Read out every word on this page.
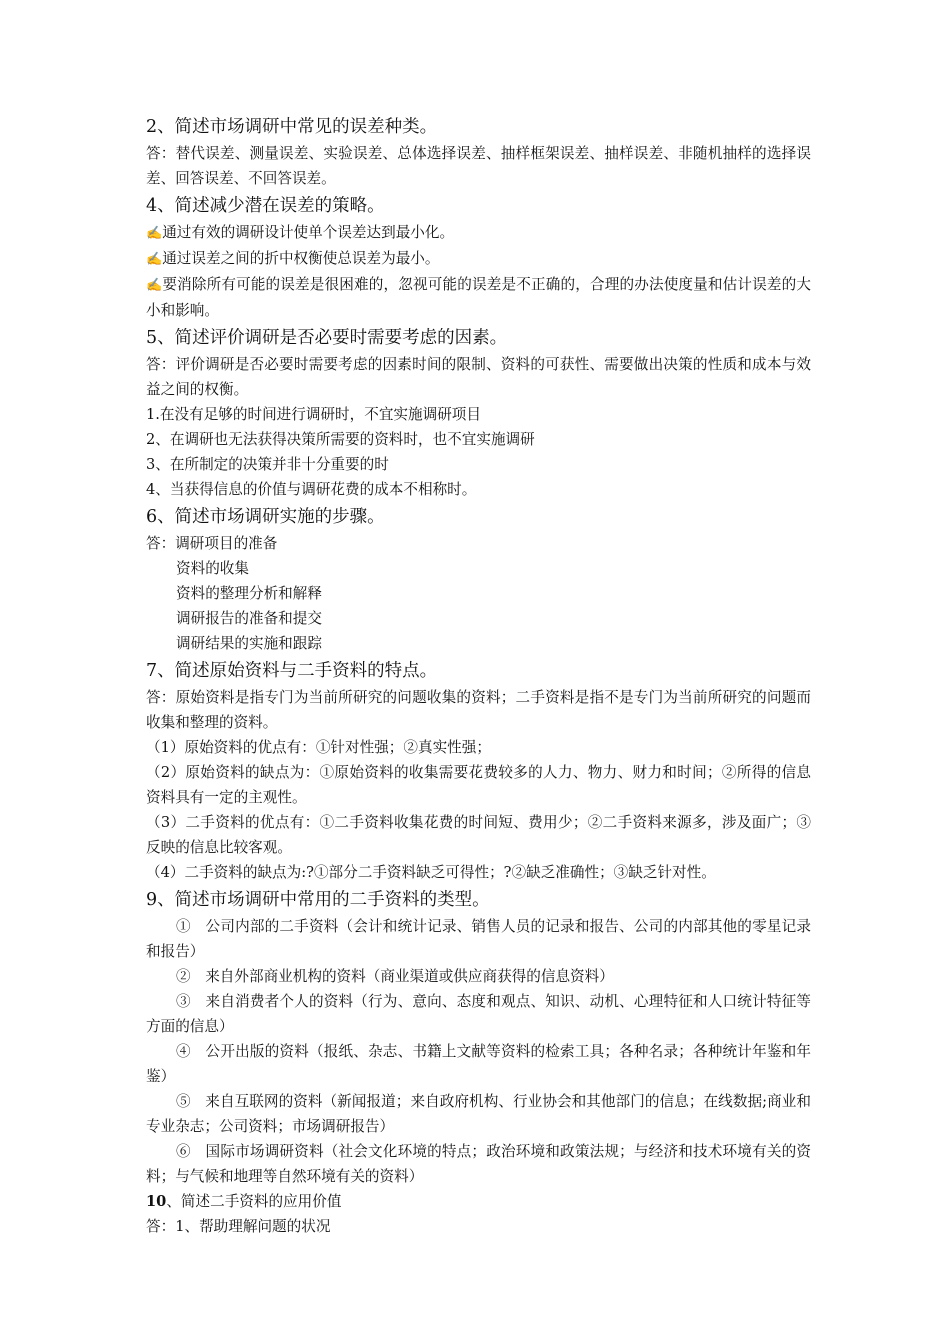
2、简述市场调研中常见的误差种类。
答：替代误差、测量误差、实验误差、总体选择误差、抽样框架误差、抽样误差、非随机抽样的选择误差、回答误差、不回答误差。
4、简述减少潜在误差的策略。
✍通过有效的调研设计使单个误差达到最小化。
✍通过误差之间的折中权衡使总误差为最小。
✍要消除所有可能的误差是很困难的，忽视可能的误差是不正确的，合理的办法使度量和估计误差的大小和影响。
5、简述评价调研是否必要时需要考虑的因素。
答：评价调研是否必要时需要考虑的因素时间的限制、资料的可获性、需要做出决策的性质和成本与效益之间的权衡。
1.在没有足够的时间进行调研时，不宜实施调研项目
2、在调研也无法获得决策所需要的资料时，也不宜实施调研
3、在所制定的决策并非十分重要的时
4、当获得信息的价值与调研花费的成本不相称时。
6、简述市场调研实施的步骤。
答：调研项目的准备
资料的收集
资料的整理分析和解释
调研报告的准备和提交
调研结果的实施和跟踪
7、简述原始资料与二手资料的特点。
答：原始资料是指专门为当前所研究的问题收集的资料；二手资料是指不是专门为当前所研究的问题而收集和整理的资料。
（1）原始资料的优点有：①针对性强；②真实性强；
（2）原始资料的缺点为：①原始资料的收集需要花费较多的人力、物力、财力和时间；②所得的信息资料具有一定的主观性。
（3）二手资料的优点有：①二手资料收集花费的时间短、费用少；②二手资料来源多，涉及面广；③反映的信息比较客观。
（4）二手资料的缺点为:?①部分二手资料缺乏可得性；?②缺乏准确性；③缺乏针对性。
9、简述市场调研中常用的二手资料的类型。
①　公司内部的二手资料（会计和统计记录、销售人员的记录和报告、公司的内部其他的零星记录和报告）
②　来自外部商业机构的资料（商业渠道或供应商获得的信息资料）
③　来自消费者个人的资料（行为、意向、态度和观点、知识、动机、心理特征和人口统计特征等方面的信息）
④　公开出版的资料（报纸、杂志、书籍上文献等资料的检索工具；各种名录；各种统计年鉴和年鉴）
⑤　来自互联网的资料（新闻报道；来自政府机构、行业协会和其他部门的信息；在线数据;商业和专业杂志；公司资料；市场调研报告）
⑥　国际市场调研资料（社会文化环境的特点；政治环境和政策法规；与经济和技术环境有关的资料；与气候和地理等自然环境有关的资料）
10、简述二手资料的应用价值
答：1、帮助理解问题的状况
